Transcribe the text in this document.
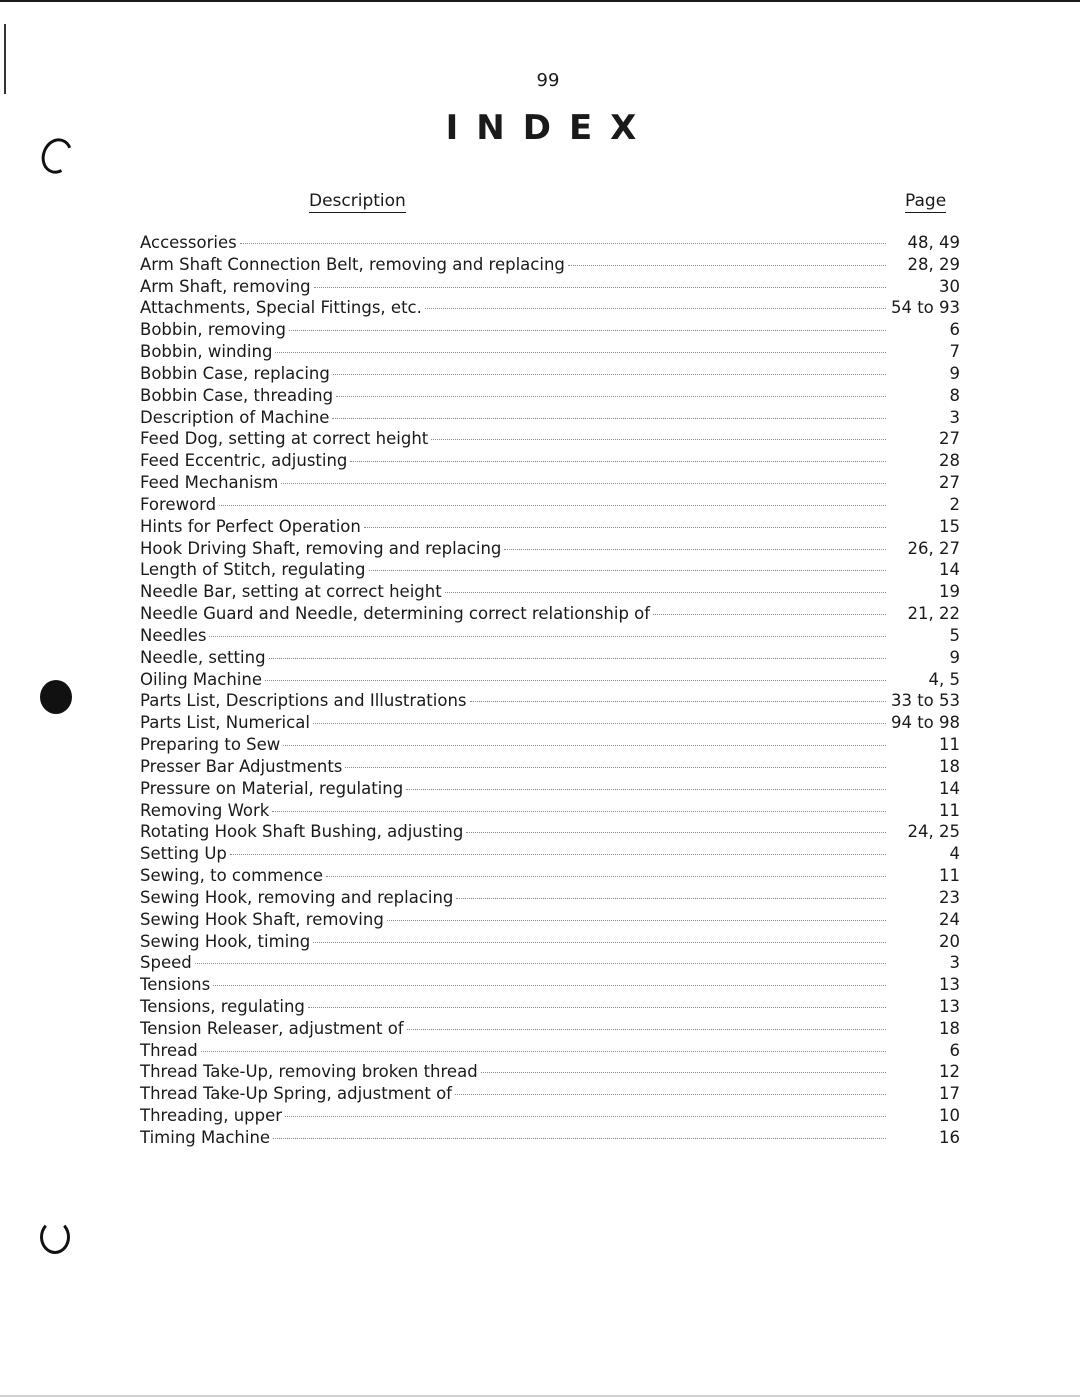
99
INDEX
Description	Page
Accessories	48, 49
Arm Shaft Connection Belt, removing and replacing	28, 29
Arm Shaft, removing	30
Attachments, Special Fittings, etc.	54 to 93
Bobbin, removing	6
Bobbin, winding	7
Bobbin Case, replacing	9
Bobbin Case, threading	8
Description of Machine	3
Feed Dog, setting at correct height	27
Feed Eccentric, adjusting	28
Feed Mechanism	27
Foreword	2
Hints for Perfect Operation	15
Hook Driving Shaft, removing and replacing	26, 27
Length of Stitch, regulating	14
Needle Bar, setting at correct height	19
Needle Guard and Needle, determining correct relationship of	21, 22
Needles	5
Needle, setting	9
Oiling Machine	4, 5
Parts List, Descriptions and Illustrations	33 to 53
Parts List, Numerical	94 to 98
Preparing to Sew	11
Presser Bar Adjustments	18
Pressure on Material, regulating	14
Removing Work	11
Rotating Hook Shaft Bushing, adjusting	24, 25
Setting Up	4
Sewing, to commence	11
Sewing Hook, removing and replacing	23
Sewing Hook Shaft, removing	24
Sewing Hook, timing	20
Speed	3
Tensions	13
Tensions, regulating	13
Tension Releaser, adjustment of	18
Thread	6
Thread Take-Up, removing broken thread	12
Thread Take-Up Spring, adjustment of	17
Threading, upper	10
Timing Machine	16
